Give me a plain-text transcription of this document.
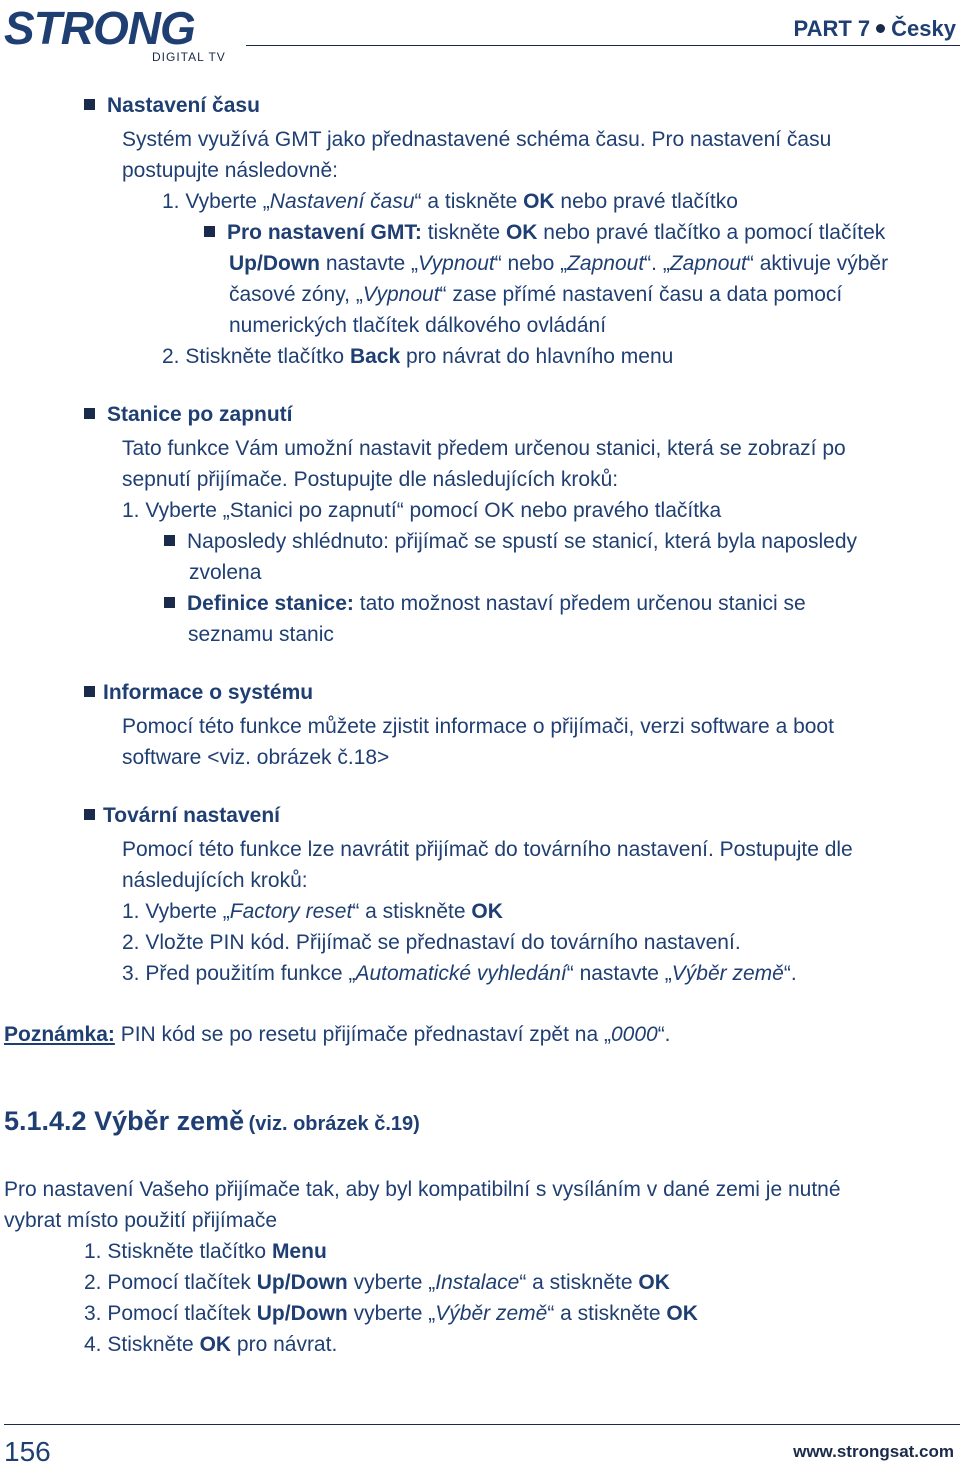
STRONG
DIGITAL TV
PART 7 Česky
Nastavení času
Systém využívá GMT jako přednastavené schéma času. Pro nastavení času
postupujte následovně:
1. Vyberte „Nastavení času“ a tiskněte OK nebo pravé tlačítko
Pro nastavení GMT: tiskněte OK nebo pravé tlačítko a pomocí tlačítek
Up/Down nastavte „Vypnout“ nebo „Zapnout“. „Zapnout“ aktivuje výběr
časové zóny, „Vypnout“ zase přímé nastavení času a data pomocí
numerických tlačítek dálkového ovládání
2. Stiskněte tlačítko Back pro návrat do hlavního menu
Stanice po zapnutí
Tato funkce Vám umožní nastavit předem určenou stanici, která se zobrazí po
sepnutí přijímače. Postupujte dle následujících kroků:
1. Vyberte „Stanici po zapnutí“ pomocí OK nebo pravého tlačítka
Naposledy shlédnuto: přijímač se spustí se stanicí, která byla naposledy
zvolena
Definice stanice: tato možnost nastaví předem určenou stanici se
seznamu stanic
Informace o systému
Pomocí této funkce můžete zjistit informace o přijímači, verzi software a boot
software <viz. obrázek č.18>
Tovární nastavení
Pomocí této funkce lze navrátit přijímač do továrního nastavení. Postupujte dle
následujících kroků:
1. Vyberte „Factory reset“ a stiskněte OK
2. Vložte PIN kód. Přijímač se přednastaví do továrního nastavení.
3. Před použitím funkce „Automatické vyhledání“ nastavte „Výběr země“.
Poznámka: PIN kód se po resetu přijímače přednastaví zpět na „0000“.
5.1.4.2 Výběr země (viz. obrázek č.19)
Pro nastavení Vašeho přijímače tak, aby byl kompatibilní s vysíláním v dané zemi je nutné
vybrat místo použití přijímače
1. Stiskněte tlačítko Menu
2. Pomocí tlačítek Up/Down vyberte „Instalace“ a stiskněte OK
3. Pomocí tlačítek Up/Down vyberte „Výběr země“ a stiskněte OK
4. Stiskněte OK pro návrat.
156	www.strongsat.com
